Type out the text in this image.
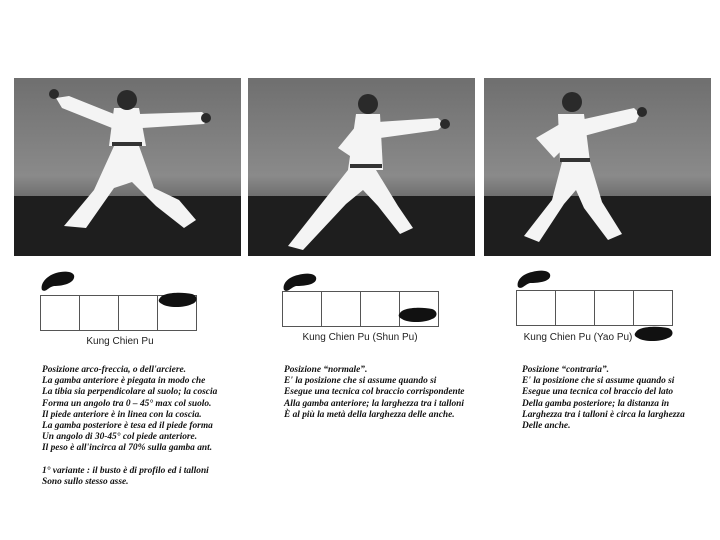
Kung Chien Pu	Kung Chien Pu (Shun Pu)	Kung Chien Pu (Yao Pu)
Posizione arco-freccia, o dell'arciere.
La gamba anteriore è piegata in modo che
La tibia sia perpendicolare al suolo; la coscia
Forma un angolo tra 0 – 45° max col suolo.
Il piede anteriore è in linea con la coscia.
La gamba posteriore è tesa ed il piede forma
Un angolo di 30-45° col piede anteriore.
Il peso è all'incirca al 70% sulla gamba ant.
1° variante : il busto è di profilo ed i talloni
Sono sullo stesso asse.
Posizione “normale”.
E' la posizione che si assume quando si
Esegue una tecnica col braccio corrispondente
Alla gamba anteriore; la larghezza tra i talloni
È al più la metà della larghezza delle anche.
Posizione “contraria”.
E' la posizione che si assume quando si
Esegue una tecnica col braccio del lato
Della gamba posteriore; la distanza in
Larghezza tra i talloni è circa la larghezza
Delle anche.
